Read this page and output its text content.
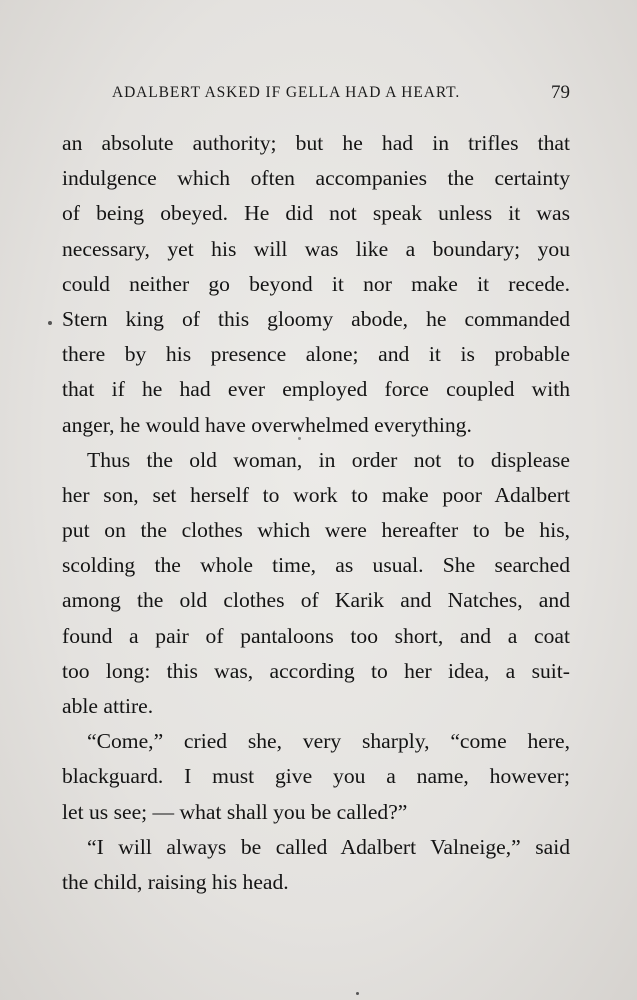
ADALBERT ASKED IF GELLA HAD A HEART.	79
an absolute authority; but he had in trifles that
indulgence which often accompanies the certainty
of being obeyed. He did not speak unless it was
necessary, yet his will was like a boundary; you
could neither go beyond it nor make it recede.
Stern king of this gloomy abode, he commanded
there by his presence alone; and it is probable
that if he had ever employed force coupled with
anger, he would have overwhelmed everything.
Thus the old woman, in order not to displease
her son, set herself to work to make poor Adalbert
put on the clothes which were hereafter to be his,
scolding the whole time, as usual. She searched
among the old clothes of Karik and Natches, and
found a pair of pantaloons too short, and a coat
too long: this was, according to her idea, a suit-
able attire.
“Come,” cried she, very sharply, “come here,
blackguard. I must give you a name, however;
let us see; — what shall you be called?”
“I will always be called Adalbert Valneige,” said
the child, raising his head.
